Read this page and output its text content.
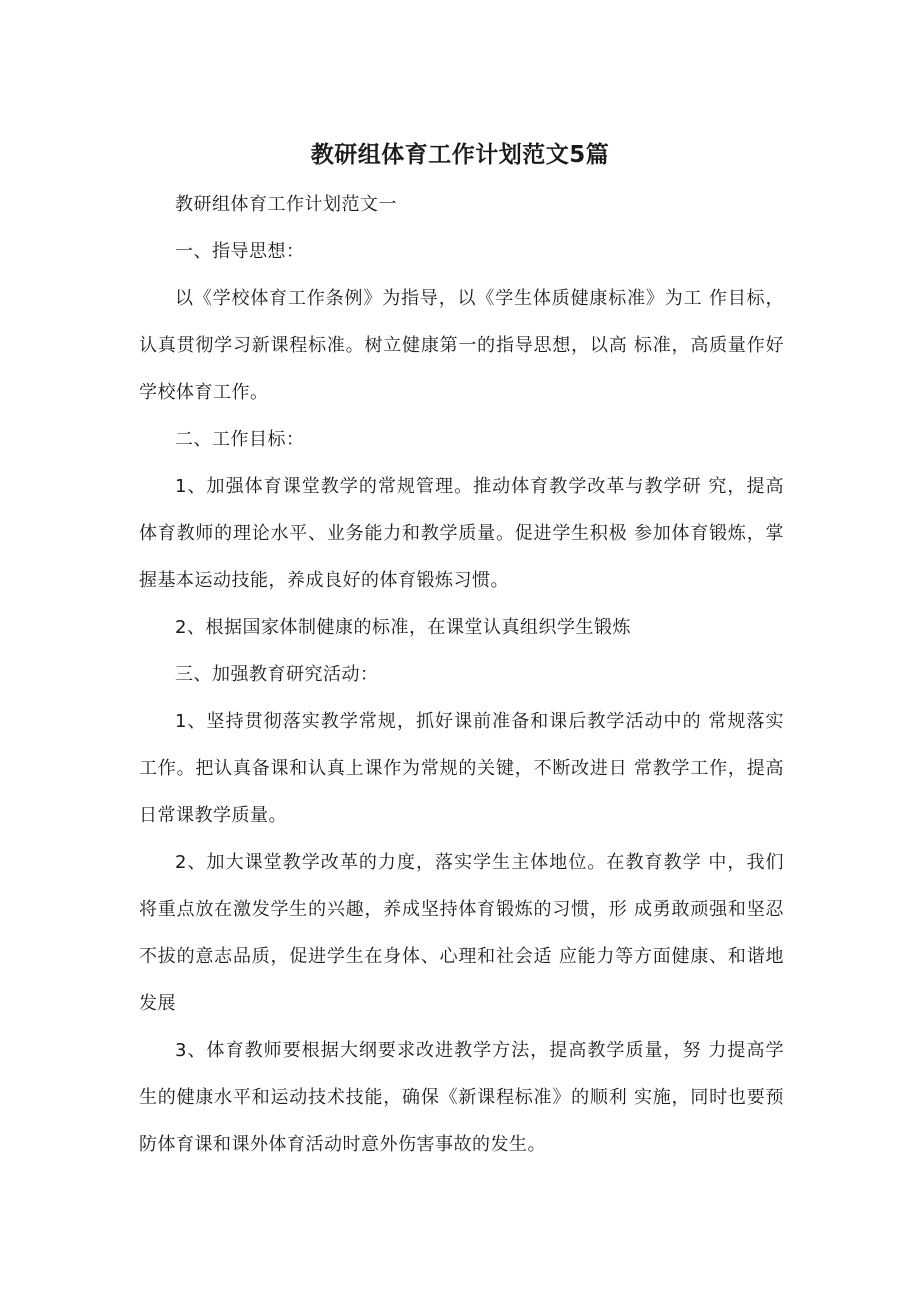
教研组体育工作计划范文5篇

教研组体育工作计划范文一

一、指导思想：

以《学校体育工作条例》为指导，以《学生体质健康标准》为工 作目标，认真贯彻学习新课程标准。树立健康第一的指导思想，以高 标准，高质量作好学校体育工作。

二、工作目标：

1、加强体育课堂教学的常规管理。推动体育教学改革与教学研 究，提高体育教师的理论水平、业务能力和教学质量。促进学生积极 参加体育锻炼，掌握基本运动技能，养成良好的体育锻炼习惯。

2、根据国家体制健康的标准，在课堂认真组织学生锻炼

三、加强教育研究活动：

1、坚持贯彻落实教学常规，抓好课前准备和课后教学活动中的 常规落实工作。把认真备课和认真上课作为常规的关键，不断改进日 常教学工作，提高日常课教学质量。

2、加大课堂教学改革的力度，落实学生主体地位。在教育教学 中，我们将重点放在激发学生的兴趣，养成坚持体育锻炼的习惯，形 成勇敢顽强和坚忍不拔的意志品质，促进学生在身体、心理和社会适 应能力等方面健康、和谐地发展

3、体育教师要根据大纲要求改进教学方法，提高教学质量，努 力提高学生的健康水平和运动技术技能，确保《新课程标准》的顺利 实施，同时也要预防体育课和课外体育活动时意外伤害事故的发生。
